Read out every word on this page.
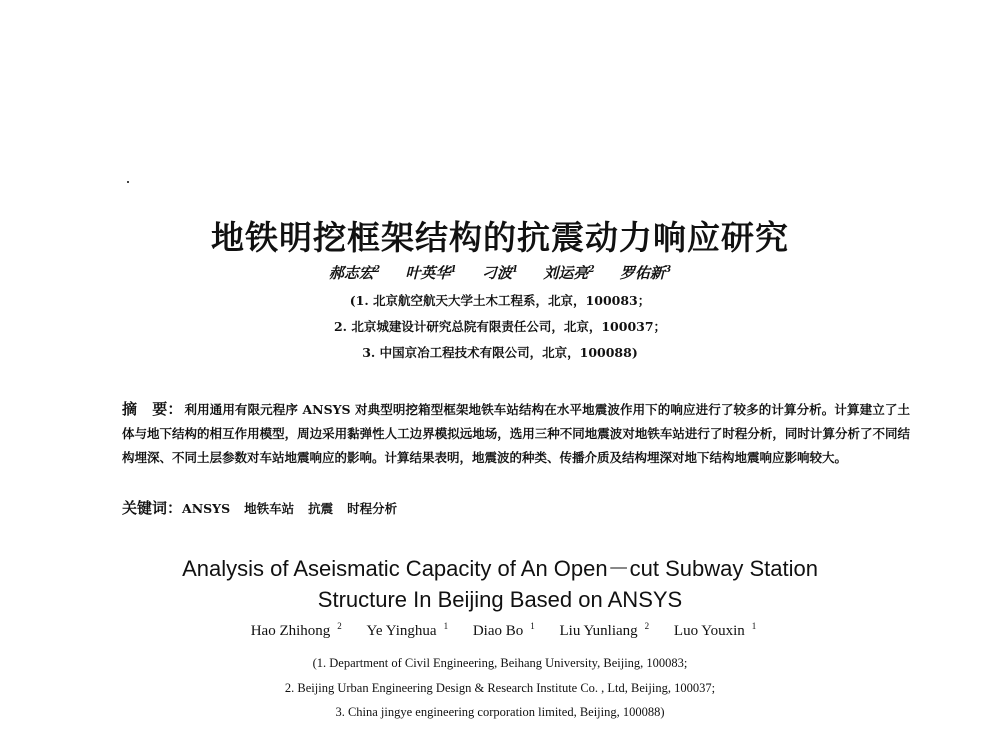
地铁明挖框架结构的抗震动力响应研究
郝志宏$^2$ 叶英华$^1$ 刁波$^1$ 刘运亮$^2$ 罗佑新$^3$
(1. 北京航空航天大学土木工程系，北京，100083；
2. 北京城建设计研究总院有限责任公司，北京，100037；
3. 中国京冶工程技术有限公司，北京，100088)
摘　要： 利用通用有限元程序 ANSYS 对典型明挖箱型框架地铁车站结构在水平地震波作用下的响应进行了较多的计算分析。计算建立了土体与地下结构的相互作用模型，周边采用黏弹性人工边界模拟远地场，选用三种不同地震波对地铁车站进行了时程分析，同时计算分析了不同结构埋深、不同土层参数对车站地震响应的影响。计算结果表明，地震波的种类、传播介质及结构埋深对地下结构地震响应影响较大。
关键词：ANSYS 地铁车站 抗震 时程分析
Analysis of Aseismatic Capacity of An Open－cut Subway Station
Structure In Beijing Based on ANSYS
Hao Zhihong $^2$ Ye Yinghua $^1$ Diao Bo $^1$ Liu Yunliang $^2$ Luo Youxin $^1$
(1. Department of Civil Engineering, Beihang University, Beijing, 100083;
2. Beijing Urban Engineering Design & Research Institute Co. , Ltd, Beijing, 100037;
3. China jingye engineering corporation limited, Beijing, 100088)
